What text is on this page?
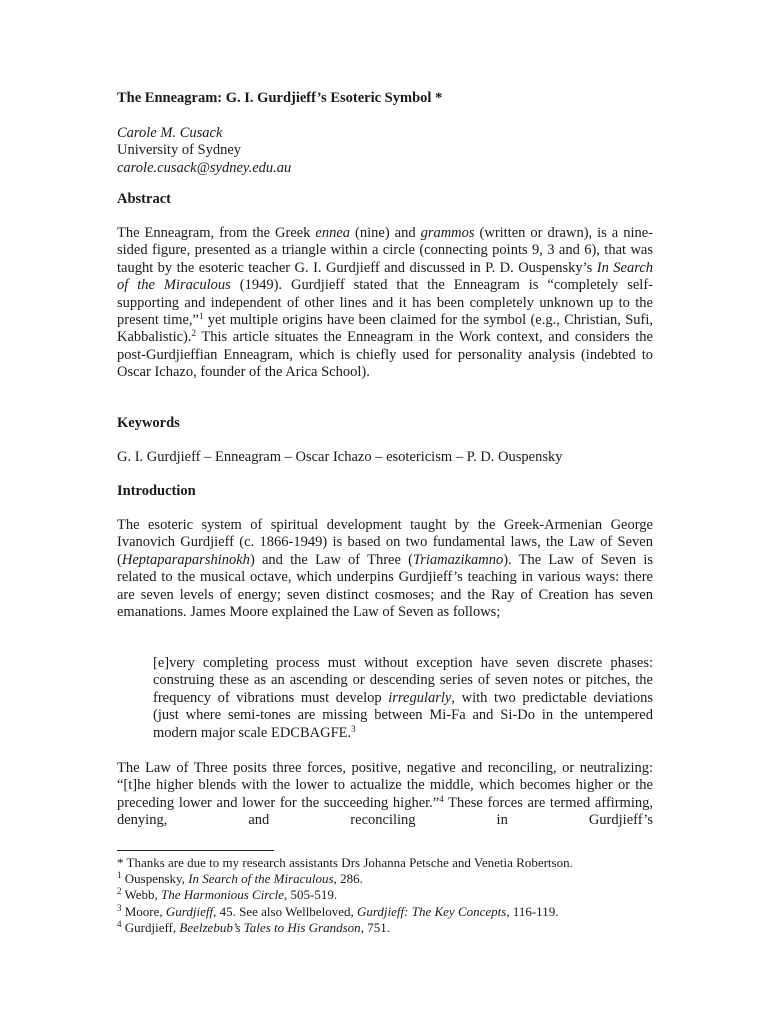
The Enneagram: G. I. Gurdjieff’s Esoteric Symbol *

Carole M. Cusack

University of Sydney

carole.cusack@sydney.edu.au

Abstract

The Enneagram, from the Greek ennea (nine) and grammos (written or drawn), is a nine-sided figure, presented as a triangle within a circle (connecting points 9, 3 and 6), that was taught by the esoteric teacher G. I. Gurdjieff and discussed in P. D. Ouspensky’s In Search of the Miraculous (1949). Gurdjieff stated that the Enneagram is “completely self-supporting and independent of other lines and it has been completely unknown up to the present time,”$^1$ yet multiple origins have been claimed for the symbol (e.g., Christian, Sufi, Kabbalistic).$^2$ This article situates the Enneagram in the Work context, and considers the post-Gurdjieffian Enneagram, which is chiefly used for personality analysis (indebted to Oscar Ichazo, founder of the Arica School).

Keywords

G. I. Gurdjieff – Enneagram – Oscar Ichazo – esotericism – P. D. Ouspensky

Introduction

The esoteric system of spiritual development taught by the Greek-Armenian George Ivanovich Gurdjieff (c. 1866-1949) is based on two fundamental laws, the Law of Seven (Heptaparaparshinokh) and the Law of Three (Triamazikamno). The Law of Seven is related to the musical octave, which underpins Gurdjieff’s teaching in various ways: there are seven levels of energy; seven distinct cosmoses; and the Ray of Creation has seven emanations. James Moore explained the Law of Seven as follows;

[e]very completing process must without exception have seven discrete phases: construing these as an ascending or descending series of seven notes or pitches, the frequency of vibrations must develop irregularly, with two predictable deviations (just where semi-tones are missing between Mi-Fa and Si-Do in the untempered modern major scale EDCBAGFE.$^3$

The Law of Three posits three forces, positive, negative and reconciling, or neutralizing: “[t]he higher blends with the lower to actualize the middle, which becomes higher or the preceding lower and lower for the succeeding higher.”$^4$ These forces are termed affirming, denying, and reconciling in Gurdjieff’s

* Thanks are due to my research assistants Drs Johanna Petsche and Venetia Robertson.

$^1$ Ouspensky, In Search of the Miraculous, 286.

$^2$ Webb, The Harmonious Circle, 505-519.

$^3$ Moore, Gurdjieff, 45. See also Wellbeloved, Gurdjieff: The Key Concepts, 116-119.

$^4$ Gurdjieff, Beelzebub’s Tales to His Grandson, 751.
